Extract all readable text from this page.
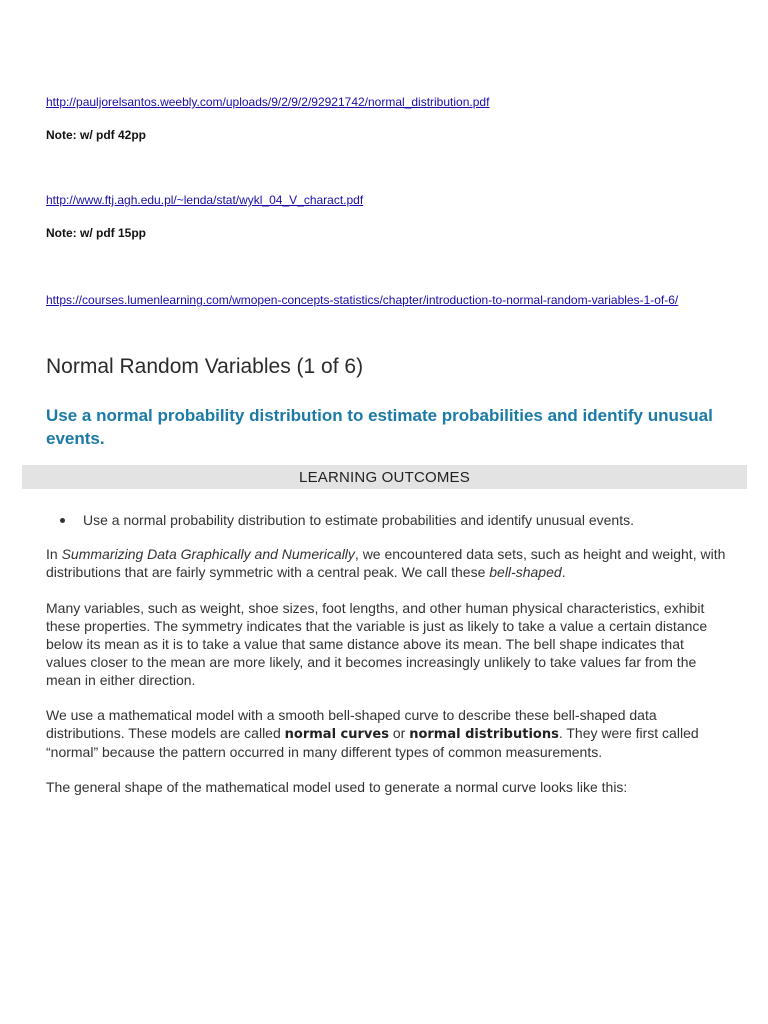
http://pauljorelsantos.weebly.com/uploads/9/2/9/2/92921742/normal_distribution.pdf
Note: w/ pdf 42pp
http://www.ftj.agh.edu.pl/~lenda/stat/wykl_04_V_charact.pdf
Note: w/ pdf 15pp
https://courses.lumenlearning.com/wmopen-concepts-statistics/chapter/introduction-to-normal-random-variables-1-of-6/
Normal Random Variables (1 of 6)
Use a normal probability distribution to estimate probabilities and identify unusual events.
LEARNING OUTCOMES
Use a normal probability distribution to estimate probabilities and identify unusual events.

In Summarizing Data Graphically and Numerically, we encountered data sets, such as height and weight, with distributions that are fairly symmetric with a central peak. We call these bell-shaped.

Many variables, such as weight, shoe sizes, foot lengths, and other human physical characteristics, exhibit these properties. The symmetry indicates that the variable is just as likely to take a value a certain distance below its mean as it is to take a value that same distance above its mean. The bell shape indicates that values closer to the mean are more likely, and it becomes increasingly unlikely to take values far from the mean in either direction.

We use a mathematical model with a smooth bell-shaped curve to describe these bell-shaped data distributions. These models are called normal curves or normal distributions. They were first called “normal” because the pattern occurred in many different types of common measurements.

The general shape of the mathematical model used to generate a normal curve looks like this:
